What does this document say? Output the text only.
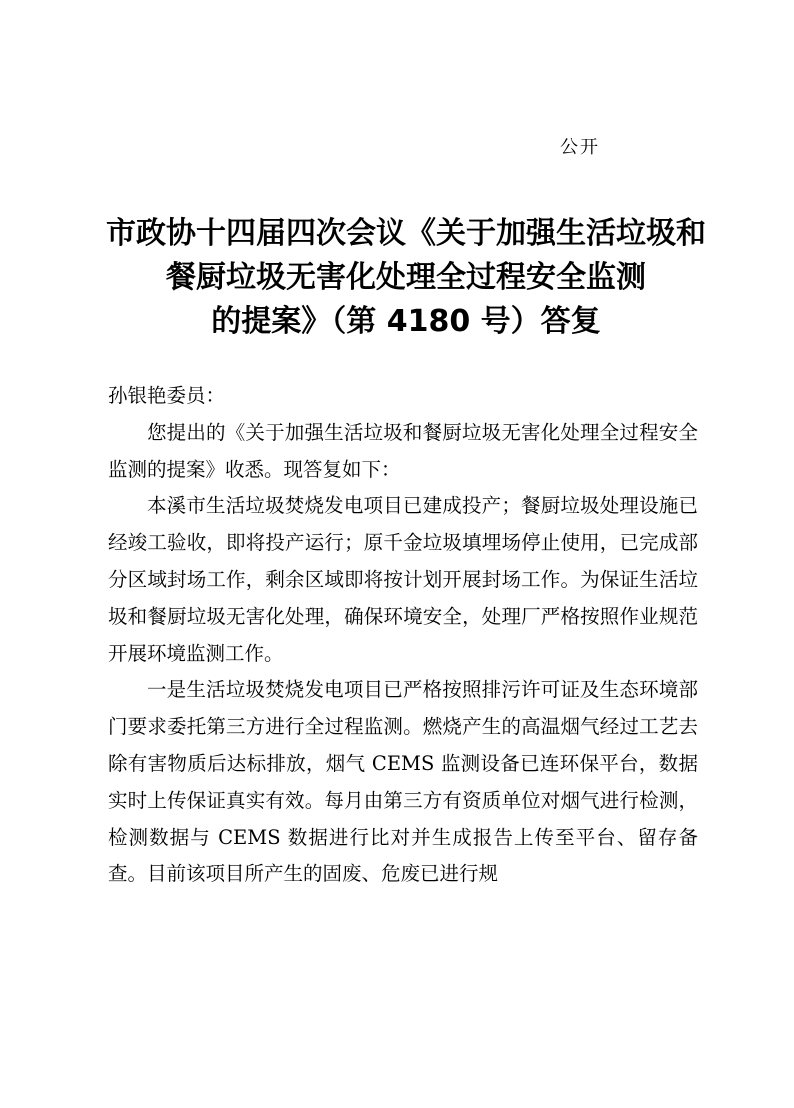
公开
市政协十四届四次会议《关于加强生活垃圾和
餐厨垃圾无害化处理全过程安全监测
的提案》（第 4180 号）答复

孙银艳委员：

您提出的《关于加强生活垃圾和餐厨垃圾无害化处理全过程安全监测的提案》收悉。现答复如下：

本溪市生活垃圾焚烧发电项目已建成投产；餐厨垃圾处理设施已经竣工验收，即将投产运行；原千金垃圾填埋场停止使用，已完成部分区域封场工作，剩余区域即将按计划开展封场工作。为保证生活垃圾和餐厨垃圾无害化处理，确保环境安全，处理厂严格按照作业规范开展环境监测工作。

一是生活垃圾焚烧发电项目已严格按照排污许可证及生态环境部门要求委托第三方进行全过程监测。燃烧产生的高温烟气经过工艺去除有害物质后达标排放，烟气 CEMS 监测设备已连环保平台，数据实时上传保证真实有效。每月由第三方有资质单位对烟气进行检测，检测数据与 CEMS 数据进行比对并生成报告上传至平台、留存备查。目前该项目所产生的固废、危废已进行规
